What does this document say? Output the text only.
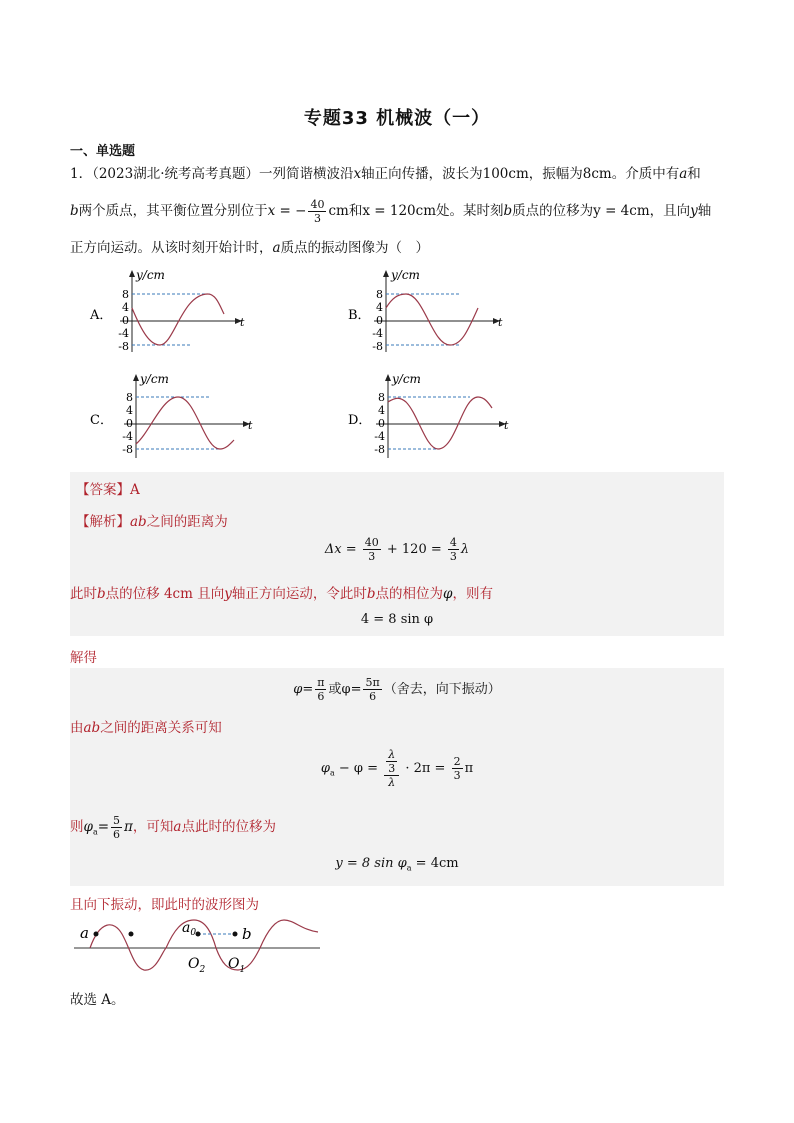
专题33 机械波（一）
一、单选题
1．（2023湖北·统考高考真题）一列简谐横波沿x轴正向传播，波长为100cm，振幅为8cm。介质中有a和
b两个质点，其平衡位置分别位于x = − $\frac{40}{3}$ cm和x = 120cm处。某时刻b质点的位移为y = 4cm，且向y轴
正方向运动。从该时刻开始计时，a质点的振动图像为（　）
A．
y/cm
t
8
4
0
-4
-8
B．
y/cm
t
8
4
0
-4
-8
C．
y/cm
t
8
4
0
-4
-8
D．
y/cm
t
8
4
0
-4
-8
【答案】A
【解析】ab之间的距离为
$\Delta x = \frac{40}{3} + 120 = \frac{4}{3}$ λ
此时b点的位移 4cm 且向y轴正方向运动，令此时b点的相位为φ，则有
4 = 8 sin φ
解得
$\varphi= \frac{\pi}{6}$ 或$\varphi= \frac{5\pi}{6}$ （舍去，向下振动）
由ab之间的距离关系可知
$\varphi_a - \varphi = \frac{\frac{\lambda}{3}}{\lambda} \cdot 2\pi = \frac{2}{3}$ π
则$\varphi_a= \frac{5}{6}$ π，可知a点此时的位移为
y = 8 $\sin \varphi_a = 4cm$
且向下振动，即此时的波形图为
a	$a_0$	b
$O_2$ $O_1$
故选 A。
